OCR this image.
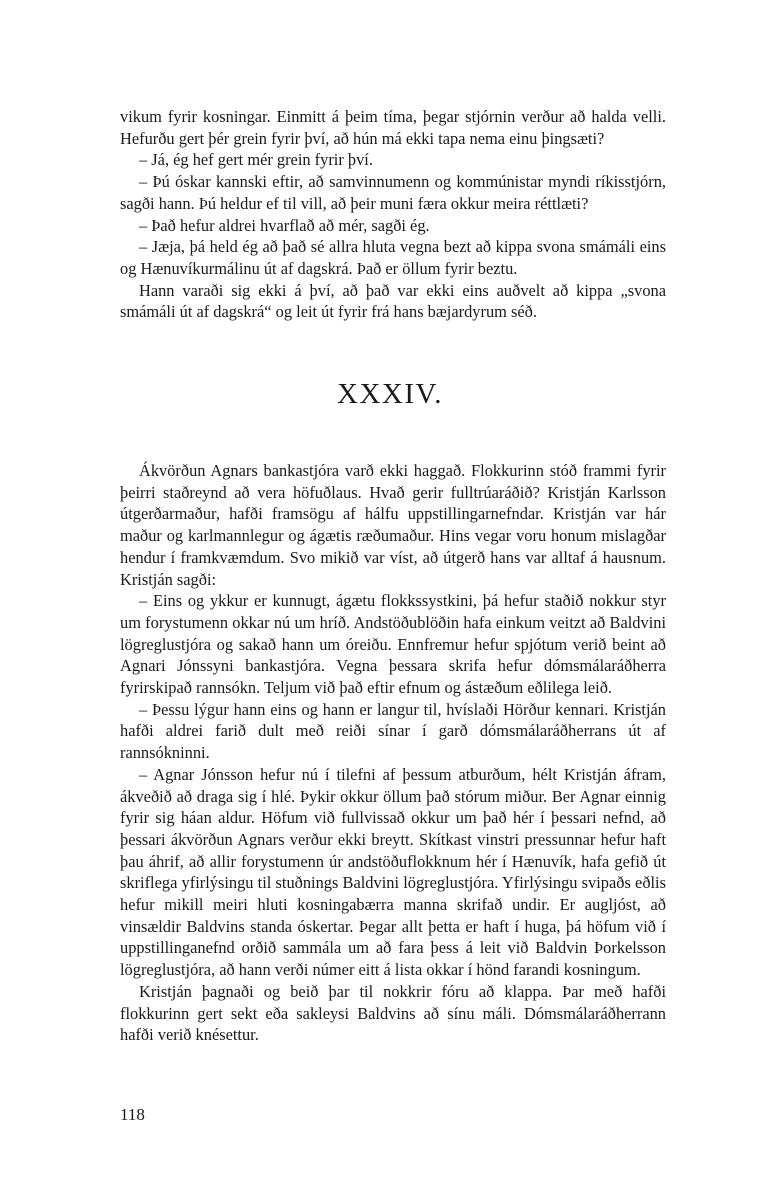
vikum fyrir kosningar. Einmitt á þeim tíma, þegar stjórnin verður að halda velli. Hefurðu gert þér grein fyrir því, að hún má ekki tapa nema einu þingsæti?

– Já, ég hef gert mér grein fyrir því.

– Þú óskar kannski eftir, að samvinnumenn og kommúnistar myndi ríkisstjórn, sagði hann. Þú heldur ef til vill, að þeir muni færa okkur meira réttlæti?

– Það hefur aldrei hvarflað að mér, sagði ég.

– Jæja, þá held ég að það sé allra hluta vegna bezt að kippa svona smámáli eins og Hænuvíkurmálinu út af dagskrá. Það er öllum fyrir beztu.

Hann varaði sig ekki á því, að það var ekki eins auðvelt að kippa „svona smámáli út af dagskrá“ og leit út fyrir frá hans bæjardyrum séð.

XXXIV.

Ákvörðun Agnars bankastjóra varð ekki haggað. Flokkurinn stóð frammi fyrir þeirri staðreynd að vera höfuðlaus. Hvað gerir fulltrúaráðið? Kristján Karlsson útgerðarmaður, hafði framsögu af hálfu uppstillingarnefndar. Kristján var hár maður og karlmannlegur og ágætis ræðumaður. Hins vegar voru honum mislagðar hendur í framkvæmdum. Svo mikið var víst, að útgerð hans var alltaf á hausnum. Kristján sagði:

– Eins og ykkur er kunnugt, ágætu flokkssystkini, þá hefur staðið nokkur styr um forystumenn okkar nú um hríð. Andstöðublöðin hafa einkum veitzt að Baldvini lögreglustjóra og sakað hann um óreiðu. Ennfremur hefur spjótum verið beint að Agnari Jónssyni bankastjóra. Vegna þessara skrifa hefur dómsmálaráðherra fyrirskipað rannsókn. Teljum við það eftir efnum og ástæðum eðlilega leið.

– Þessu lýgur hann eins og hann er langur til, hvíslaði Hörður kennari. Kristján hafði aldrei farið dult með reiði sínar í garð dómsmálaráðherrans út af rannsókninni.

– Agnar Jónsson hefur nú í tilefni af þessum atburðum, hélt Kristján áfram, ákveðið að draga sig í hlé. Þykir okkur öllum það stórum miður. Ber Agnar einnig fyrir sig háan aldur. Höfum við fullvissað okkur um það hér í þessari nefnd, að þessari ákvörðun Agnars verður ekki breytt. Skítkast vinstri pressunnar hefur haft þau áhrif, að allir forystumenn úr andstöðuflokknum hér í Hænuvík, hafa gefið út skriflega yfirlýsingu til stuðnings Baldvini lögreglustjóra. Yfirlýsingu svipaðs eðlis hefur mikill meiri hluti kosningabærra manna skrifað undir. Er augljóst, að vinsældir Baldvins standa óskertar. Þegar allt þetta er haft í huga, þá höfum við í uppstillinganefnd orðið sammála um að fara þess á leit við Baldvin Þorkelsson lögreglustjóra, að hann verði númer eitt á lista okkar í hönd farandi kosningum.

Kristján þagnaði og beið þar til nokkrir fóru að klappa. Þar með hafði flokkurinn gert sekt eða sakleysi Baldvins að sínu máli. Dómsmálaráðherrann hafði verið knésettur.

118
